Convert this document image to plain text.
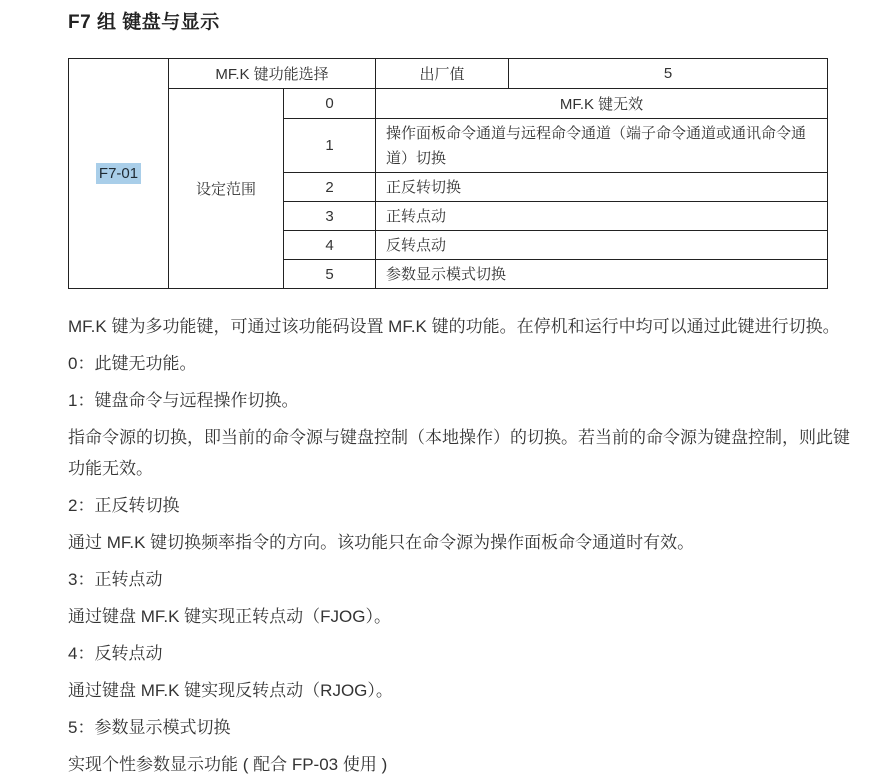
F7 组 键盘与显示
F7-01	MF.K 键功能选择		出厂值	5
	设定范围	0	MF.K 键无效	
		1	操作面板命令通道与远程命令通道（端子命令通道或通讯命令通道）切换	
		2	正反转切换	
		3	正转点动	
		4	反转点动	
		5	参数显示模式切换	

MF.K 键为多功能键，可通过该功能码设置 MF.K 键的功能。在停机和运行中均可以通过此键进行切换。

0：此键无功能。

1：键盘命令与远程操作切换。

指命令源的切换，即当前的命令源与键盘控制（本地操作）的切换。若当前的命令源为键盘控制，则此键功能无效。

2：正反转切换

通过 MF.K 键切换频率指令的方向。该功能只在命令源为操作面板命令通道时有效。

3：正转点动

通过键盘 MF.K 键实现正转点动（FJOG）。

4：反转点动

通过键盘 MF.K 键实现反转点动（RJOG）。

5：参数显示模式切换

实现个性参数显示功能 ( 配合 FP-03 使用 )
